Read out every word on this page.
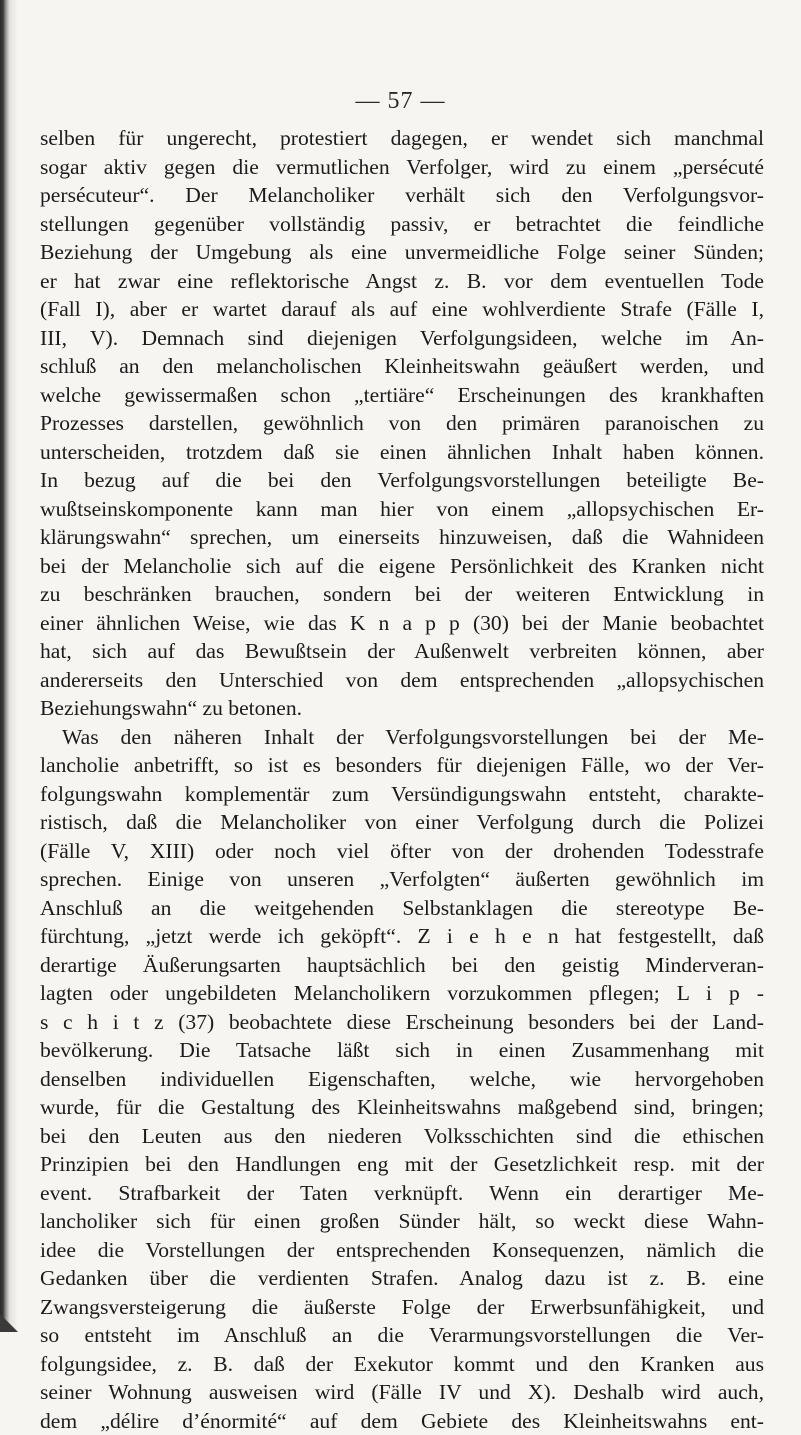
— 57 —
selben für ungerecht, protestiert dagegen, er wendet sich manchmal
sogar aktiv gegen die vermutlichen Verfolger, wird zu einem „persécuté
persécuteur“. Der Melancholiker verhält sich den Verfolgungsvor-
stellungen gegenüber vollständig passiv, er betrachtet die feindliche
Beziehung der Umgebung als eine unvermeidliche Folge seiner Sünden;
er hat zwar eine reflektorische Angst z. B. vor dem eventuellen Tode
(Fall I), aber er wartet darauf als auf eine wohlverdiente Strafe (Fälle I,
III, V). Demnach sind diejenigen Verfolgungsideen, welche im An-
schluß an den melancholischen Kleinheitswahn geäußert werden, und
welche gewissermaßen schon „tertiäre“ Erscheinungen des krankhaften
Prozesses darstellen, gewöhnlich von den primären paranoischen zu
unterscheiden, trotzdem daß sie einen ähnlichen Inhalt haben können.
In bezug auf die bei den Verfolgungsvorstellungen beteiligte Be-
wußtseinskomponente kann man hier von einem „allopsychischen Er-
klärungswahn“ sprechen, um einerseits hinzuweisen, daß die Wahnideen
bei der Melancholie sich auf die eigene Persönlichkeit des Kranken nicht
zu beschränken brauchen, sondern bei der weiteren Entwicklung in
einer ähnlichen Weise, wie das K n a p p (30) bei der Manie beobachtet
hat, sich auf das Bewußtsein der Außenwelt verbreiten können, aber
andererseits den Unterschied von dem entsprechenden „allopsychischen
Beziehungswahn“ zu betonen.
Was den näheren Inhalt der Verfolgungsvorstellungen bei der Me-
lancholie anbetrifft, so ist es besonders für diejenigen Fälle, wo der Ver-
folgungswahn komplementär zum Versündigungswahn entsteht, charakte-
ristisch, daß die Melancholiker von einer Verfolgung durch die Polizei
(Fälle V, XIII) oder noch viel öfter von der drohenden Todesstrafe
sprechen. Einige von unseren „Verfolgten“ äußerten gewöhnlich im
Anschluß an die weitgehenden Selbstanklagen die stereotype Be-
fürchtung, „jetzt werde ich geköpft“. Z i e h e n hat festgestellt, daß
derartige Äußerungsarten hauptsächlich bei den geistig Minderveran-
lagten oder ungebildeten Melancholikern vorzukommen pflegen; L i p -
s c h i t z (37) beobachtete diese Erscheinung besonders bei der Land-
bevölkerung. Die Tatsache läßt sich in einen Zusammenhang mit
denselben individuellen Eigenschaften, welche, wie hervorgehoben
wurde, für die Gestaltung des Kleinheitswahns maßgebend sind, bringen;
bei den Leuten aus den niederen Volksschichten sind die ethischen
Prinzipien bei den Handlungen eng mit der Gesetzlichkeit resp. mit der
event. Strafbarkeit der Taten verknüpft. Wenn ein derartiger Me-
lancholiker sich für einen großen Sünder hält, so weckt diese Wahn-
idee die Vorstellungen der entsprechenden Konsequenzen, nämlich die
Gedanken über die verdienten Strafen. Analog dazu ist z. B. eine
Zwangsversteigerung die äußerste Folge der Erwerbsunfähigkeit, und
so entsteht im Anschluß an die Verarmungsvorstellungen die Ver-
folgungsidee, z. B. daß der Exekutor kommt und den Kranken aus
seiner Wohnung ausweisen wird (Fälle IV und X). Deshalb wird auch,
dem „délire d’énormité“ auf dem Gebiete des Kleinheitswahns ent-
